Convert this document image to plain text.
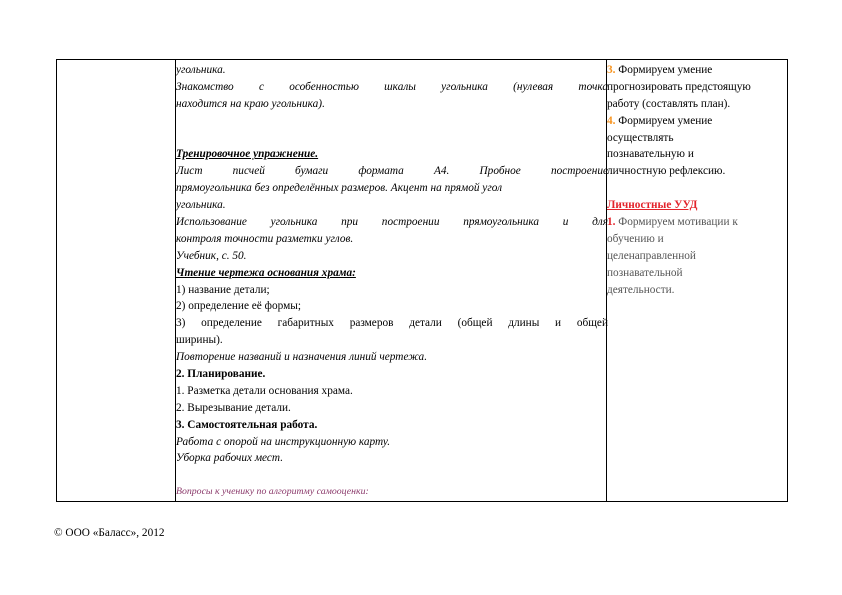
угольника.
Знакомство с особенностью шкалы угольника (нулевая точка
находится на краю угольника).
Тренировочное упражнение.
Лист писчей бумаги формата А4. Пробное построение
прямоугольника без определённых размеров. Акцент на прямой угол
угольника.
Использование угольника при построении прямоугольника и для
контроля точности разметки углов.
Учебник, с. 50.
Чтение чертежа основания храма:
1) название детали;
2) определение её формы;
3) определение габаритных размеров детали (общей длины и общей
ширины).
Повторение названий и назначения линий чертежа.
2. Планирование.
1. Разметка детали основания храма.
2. Вырезывание детали.
3. Самостоятельная работа.
Работа с опорой на инструкционную карту.
Уборка рабочих мест.
Вопросы к ученику по алгоритму самооценки:
3. Формируем умение
прогнозировать предстоящую
работу (составлять план).
4. Формируем умение
осуществлять
познавательную и
личностную рефлексию.
Личностные УУД
1. Формируем мотивации к
обучению и
целенаправленной
познавательной
деятельности.
© ООО «Баласс», 2012
